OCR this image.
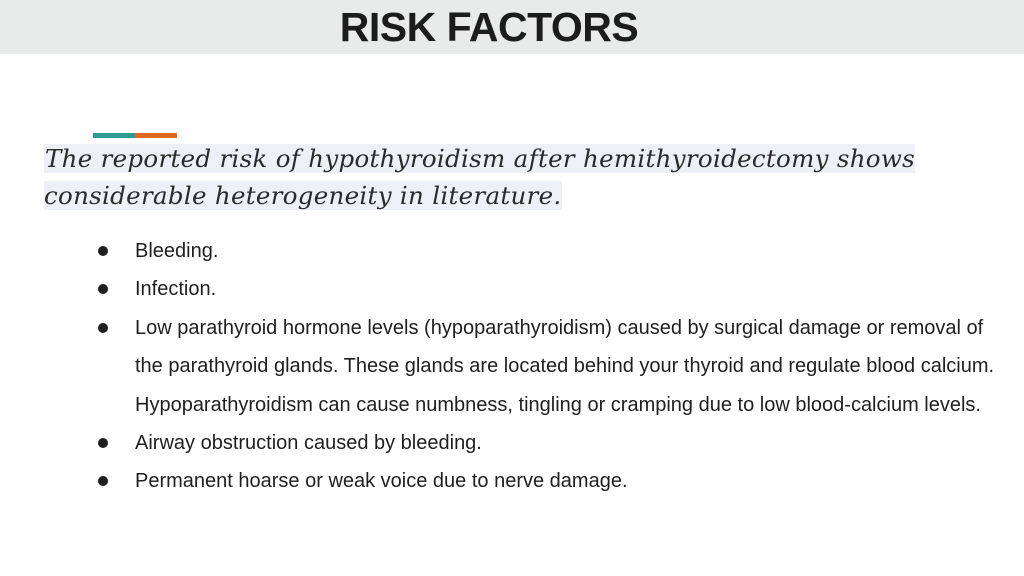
RISK FACTORS
The reported risk of hypothyroidism after hemithyroidectomy shows considerable heterogeneity in literature.
Bleeding.
Infection.
Low parathyroid hormone levels (hypoparathyroidism) caused by surgical damage or removal of the parathyroid glands. These glands are located behind your thyroid and regulate blood calcium. Hypoparathyroidism can cause numbness, tingling or cramping due to low blood-calcium levels.
Airway obstruction caused by bleeding.
Permanent hoarse or weak voice due to nerve damage.
